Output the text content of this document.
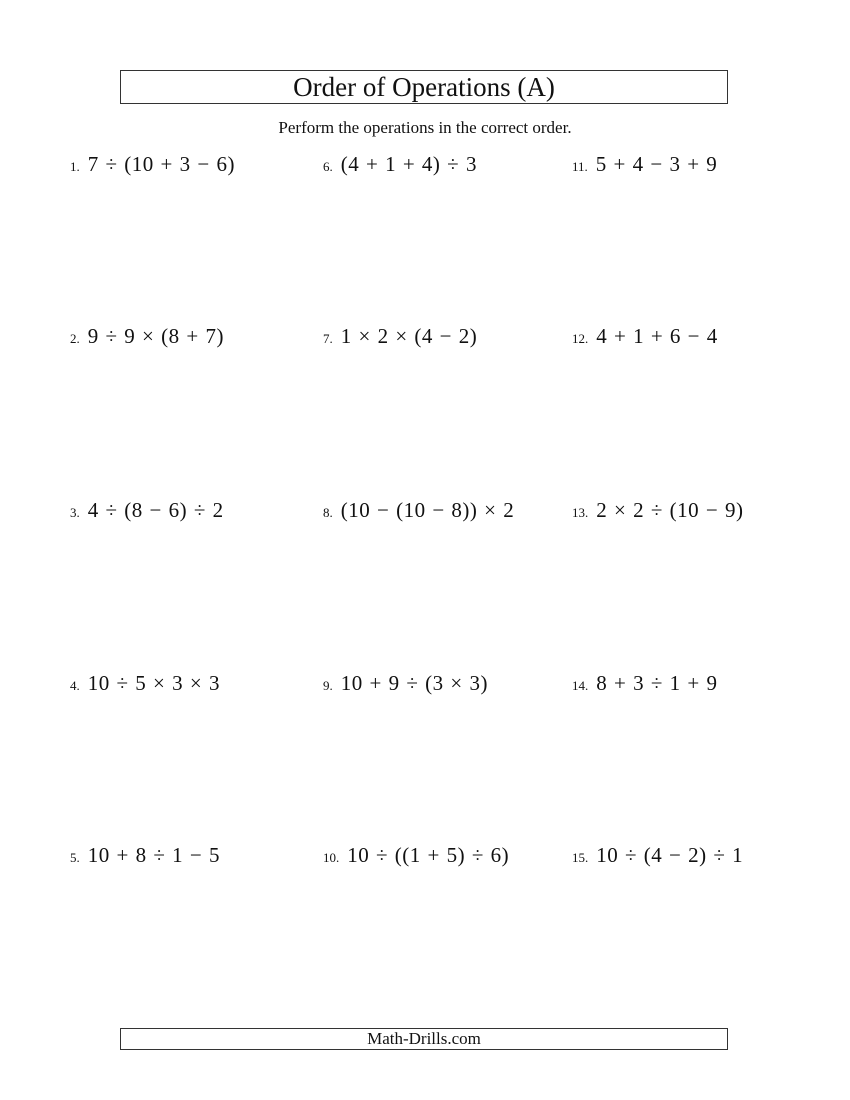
Order of Operations (A)
Perform the operations in the correct order.
1. 7 ÷ (10 + 3 − 6)
2. 9 ÷ 9 × (8 + 7)
3. 4 ÷ (8 − 6) ÷ 2
4. 10 ÷ 5 × 3 × 3
5. 10 + 8 ÷ 1 − 5
6. (4 + 1 + 4) ÷ 3
7. 1 × 2 × (4 − 2)
8. (10 − (10 − 8)) × 2
9. 10 + 9 ÷ (3 × 3)
10. 10 ÷ ((1 + 5) ÷ 6)
11. 5 + 4 − 3 + 9
12. 4 + 1 + 6 − 4
13. 2 × 2 ÷ (10 − 9)
14. 8 + 3 ÷ 1 + 9
15. 10 ÷ (4 − 2) ÷ 1
Math-Drills.com
